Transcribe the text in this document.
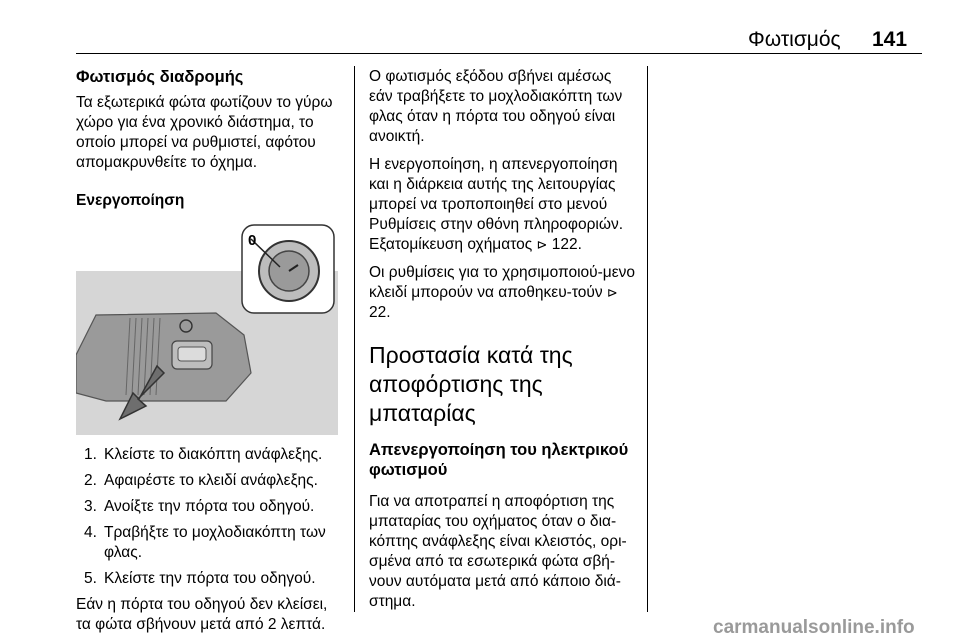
Φωτισμός 141
Φωτισμός διαδρομής
Τα εξωτερικά φώτα φωτίζουν το γύρω χώρο για ένα χρονικό διάστημα, το οποίο μπορεί να ρυθμιστεί, αφότου απομακρυνθείτε το όχημα.
Ενεργοποίηση
0
1. Κλείστε το διακόπτη ανάφλεξης.
2. Αφαιρέστε το κλειδί ανάφλεξης.
3. Ανοίξτε την πόρτα του οδηγού.
4. Τραβήξτε το μοχλοδιακόπτη των φλας.
5. Κλείστε την πόρτα του οδηγού.
Εάν η πόρτα του οδηγού δεν κλείσει, τα φώτα σβήνουν μετά από 2 λεπτά.
Ο φωτισμός εξόδου σβήνει αμέσως εάν τραβήξετε το μοχλοδιακόπτη των φλας όταν η πόρτα του οδηγού είναι ανοικτή.
Η ενεργοποίηση, η απενεργοποίηση και η διάρκεια αυτής της λειτουργίας μπορεί να τροποποιηθεί στο μενού Ρυθμίσεις στην οθόνη πληροφοριών. Εξατομίκευση οχήματος ⊳ 122.
Οι ρυθμίσεις για το χρησιμοποιού-μενο κλειδί μπορούν να αποθηκευ-τούν ⊳ 22.
Προστασία κατά της αποφόρτισης της μπαταρίας
Απενεργοποίηση του ηλεκτρικού φωτισμού
Για να αποτραπεί η αποφόρτιση της μπαταρίας του οχήματος όταν ο δια-κόπτης ανάφλεξης είναι κλειστός, ορι-σμένα από τα εσωτερικά φώτα σβή-νουν αυτόματα μετά από κάποιο διά-στημα.
carmanualsonline.info
